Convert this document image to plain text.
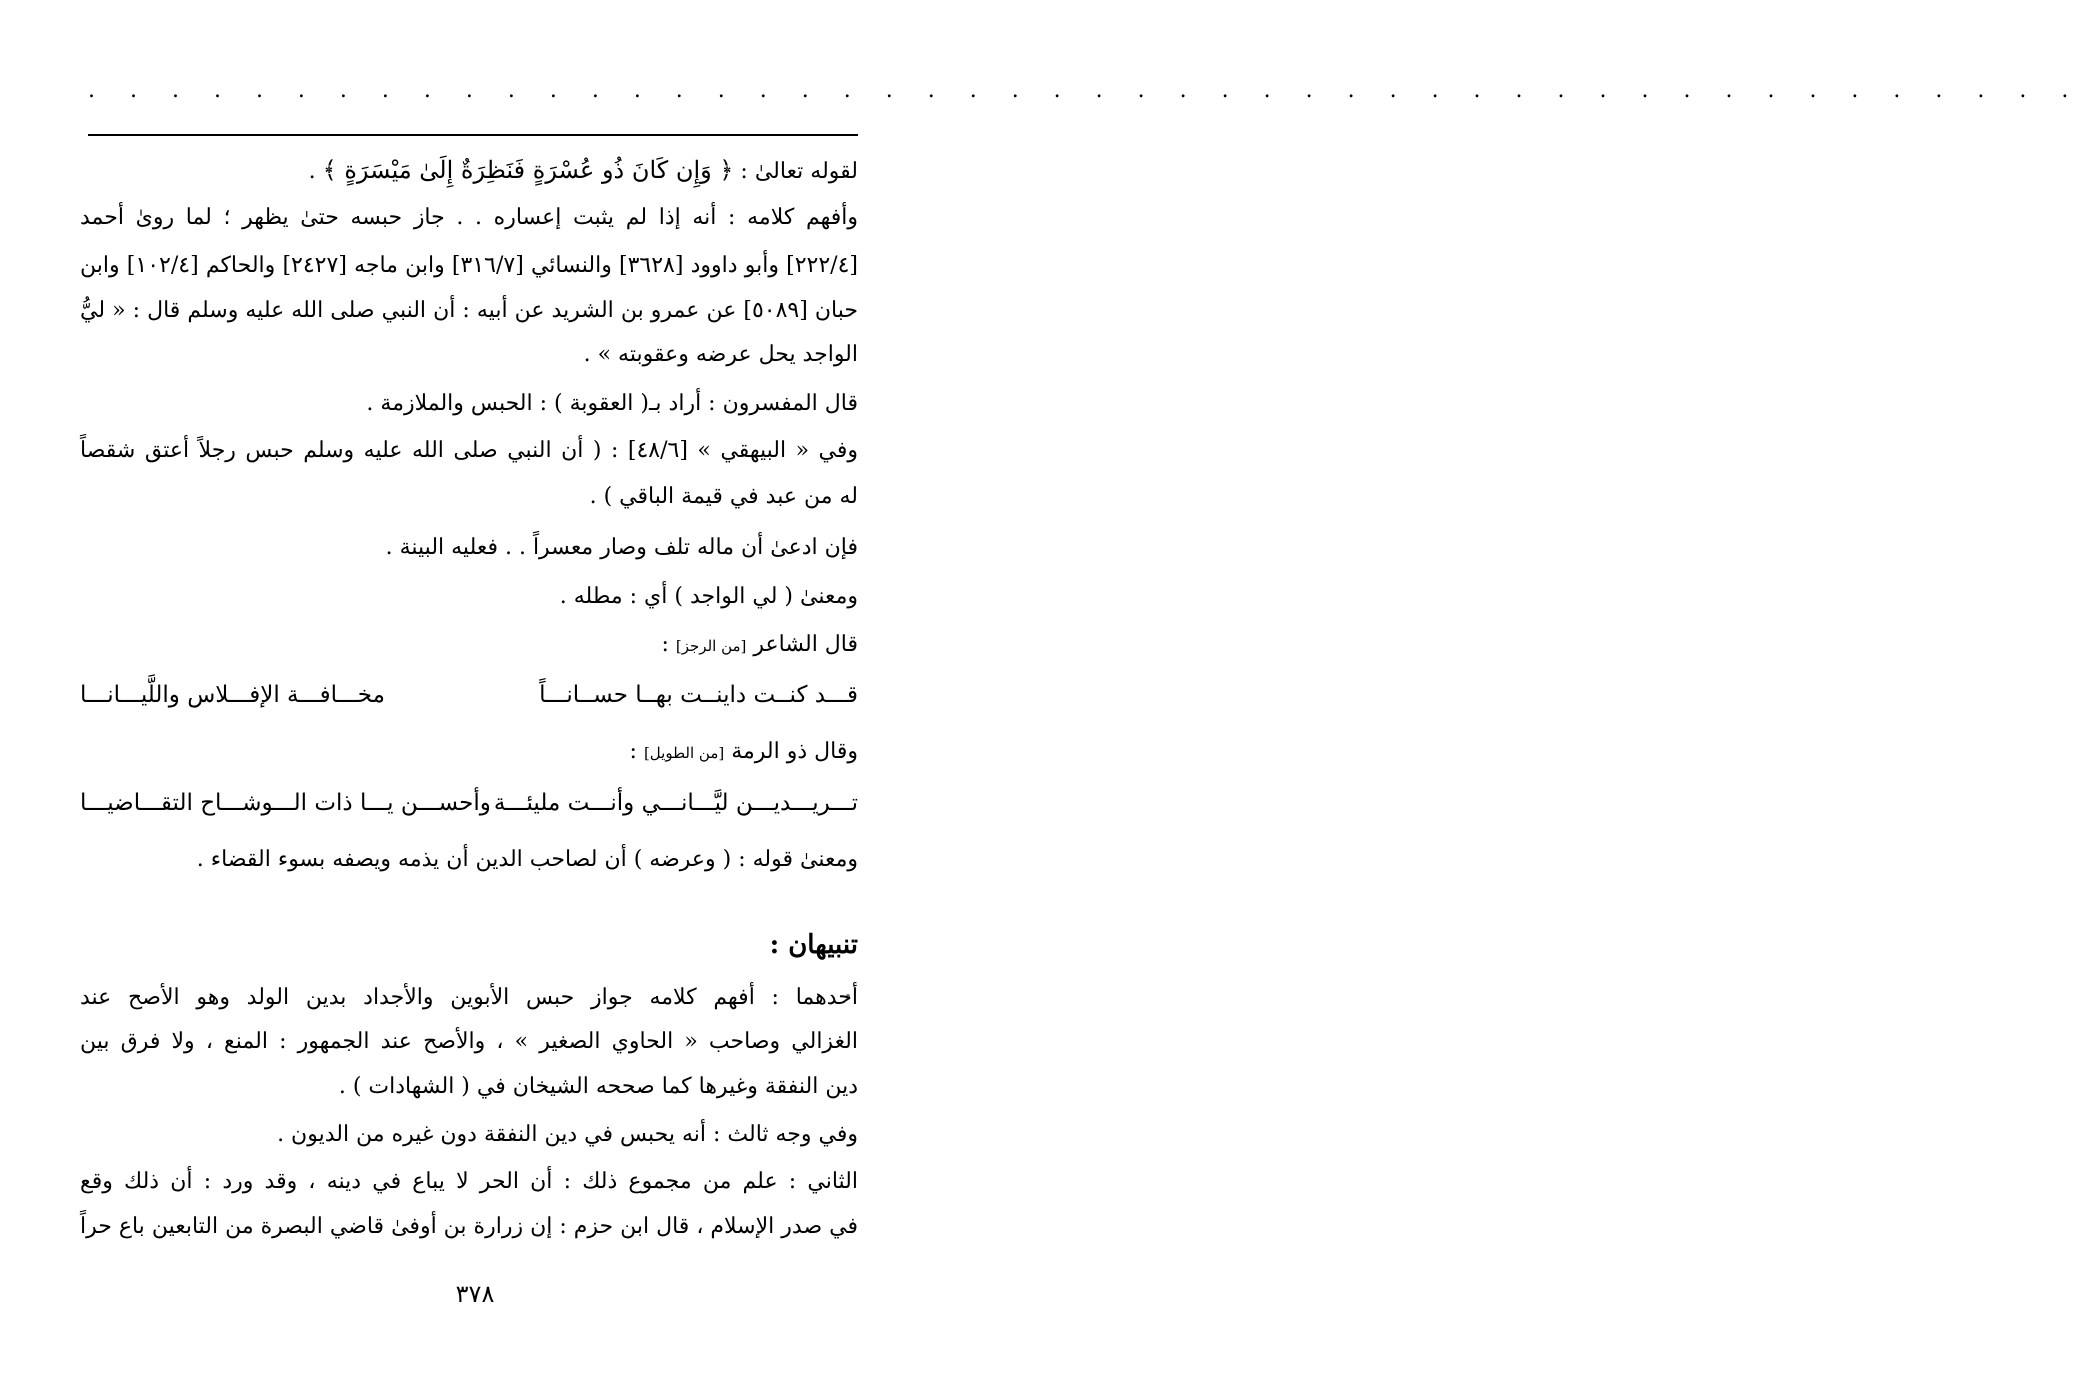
. . . . . . . . . . . . . . . . . . . . . . . . . . . . . . . . . . . . . . . . . . . . . . . .
لقوله تعالىٰ : ﴿ وَإِن كَانَ ذُو عُسْرَةٍ فَنَظِرَةٌ إِلَىٰ مَيْسَرَةٍ ﴾ .
وأفهم كلامه : أنه إذا لم يثبت إعساره . . جاز حبسه حتىٰ يظهر ؛ لما روىٰ أحمد
[٢٢٢/٤] وأبو داوود [٣٦٢٨] والنسائي [٣١٦/٧] وابن ماجه [٢٤٢٧] والحاكم [١٠٢/٤] وابن
حبان [٥٠٨٩] عن عمرو بن الشريد عن أبيه : أن النبي صلى الله عليه وسلم قال : « ليُّ
الواجد يحل عرضه وعقوبته » .
قال المفسرون : أراد بـ( العقوبة ) : الحبس والملازمة .
وفي « البيهقي » [٤٨/٦] : ( أن النبي صلى الله عليه وسلم حبس رجلاً أعتق شقصاً
له من عبد في قيمة الباقي ) .
فإن ادعىٰ أن ماله تلف وصار معسراً . . فعليه البينة .
ومعنىٰ ( لي الواجد ) أي : مطله .
قال الشاعر [من الرجز] :
قـــد كنــت داينــت بهــا حســانـــاً
مخـــافـــة الإفـــلاس واللَّيـــانـــا
وقال ذو الرمة [من الطويل] :
تـــريـــديـــن ليَّـــانـــي وأنـــت مليئـــة
وأحســـن يـــا ذات الـــوشـــاح التقـــاضيـــا
ومعنىٰ قوله : ( وعرضه ) أن لصاحب الدين أن يذمه ويصفه بسوء القضاء .
تنبيهان :
أحدهما : أفهم كلامه جواز حبس الأبوين والأجداد بدين الولد وهو الأصح عند
الغزالي وصاحب « الحاوي الصغير » ، والأصح عند الجمهور : المنع ، ولا فرق بين
دين النفقة وغيرها كما صححه الشيخان في ( الشهادات ) .
وفي وجه ثالث : أنه يحبس في دين النفقة دون غيره من الديون .
الثاني : علم من مجموع ذلك : أن الحر لا يباع في دينه ، وقد ورد : أن ذلك وقع
في صدر الإسلام ، قال ابن حزم : إن زرارة بن أوفىٰ قاضي البصرة من التابعين باع حراً
٣٧٨
